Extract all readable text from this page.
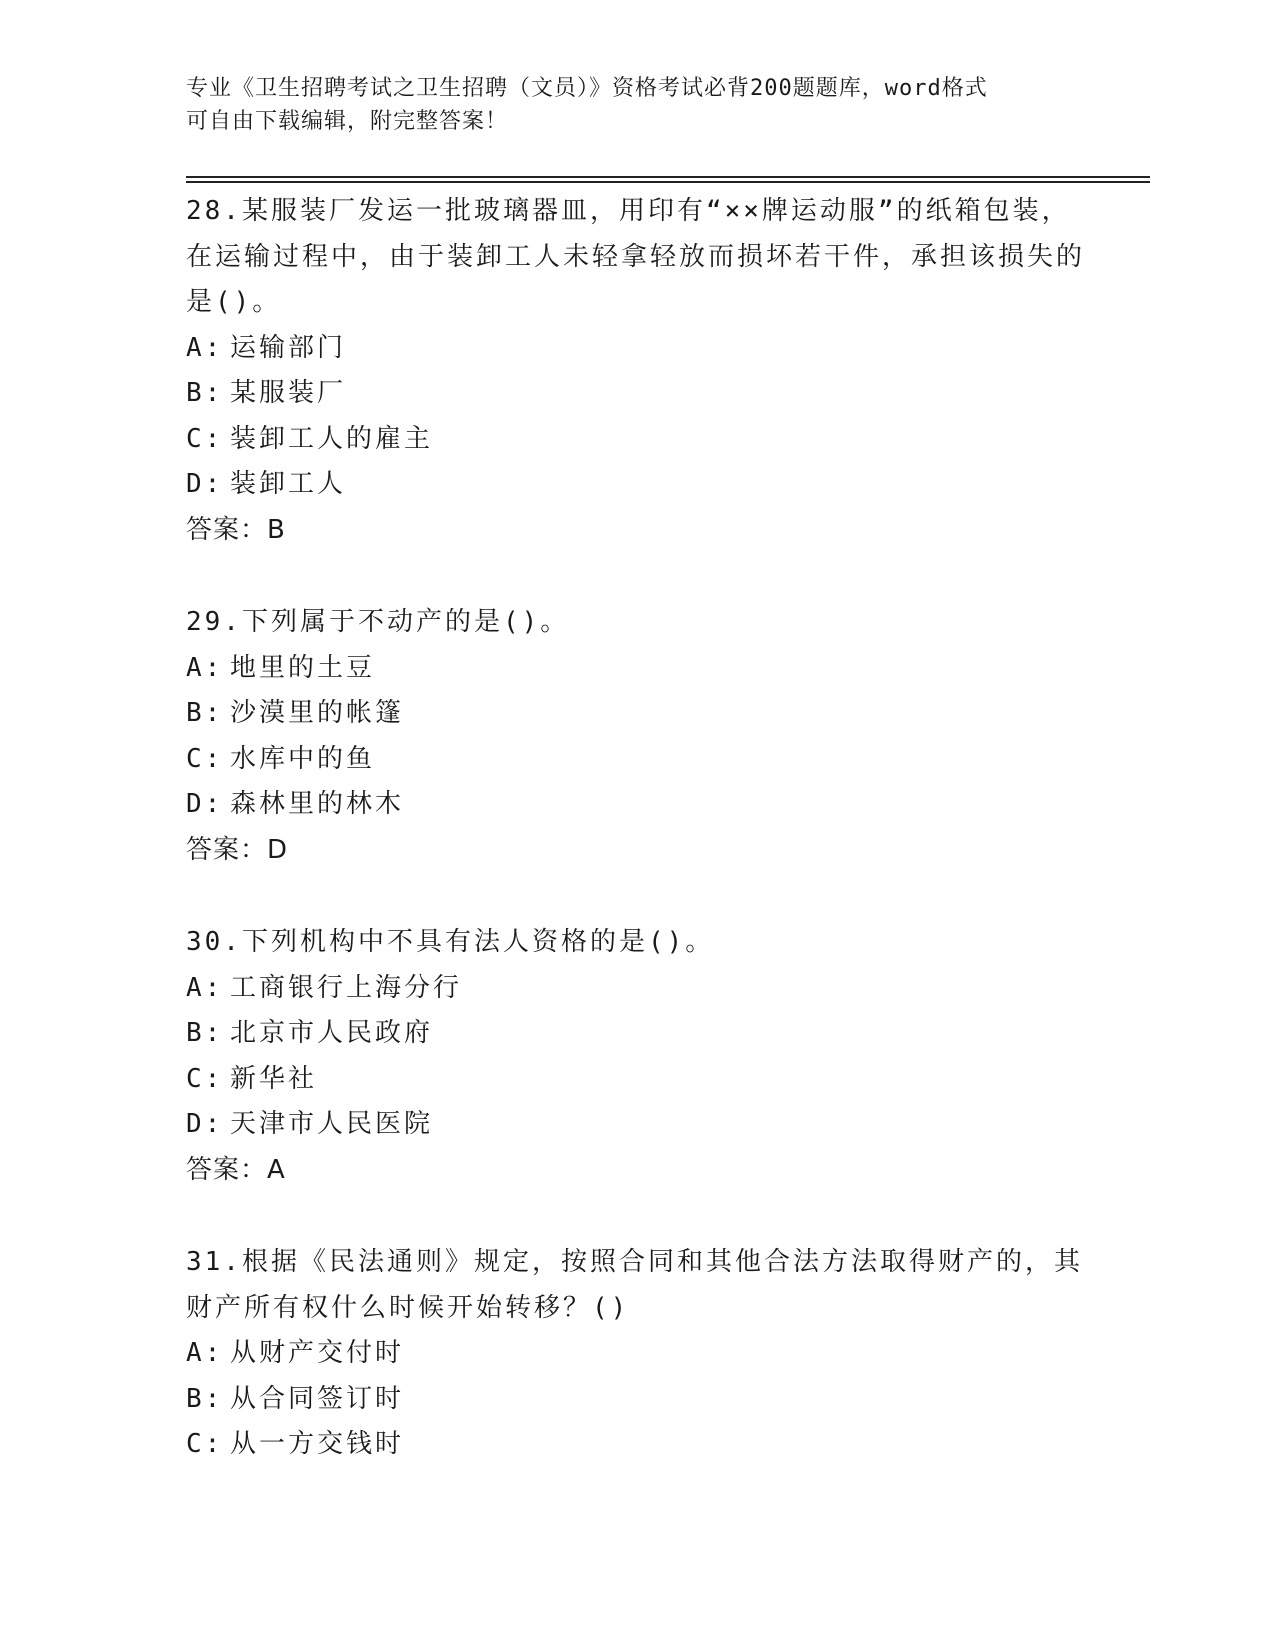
专业《卫生招聘考试之卫生招聘（文员）》资格考试必背200题题库，word格式
可自由下载编辑，附完整答案！
28.某服装厂发运一批玻璃器皿，用印有“××牌运动服”的纸箱包装，在运输过程中，由于装卸工人未轻拿轻放而损坏若干件，承担该损失的是()。
A: 运输部门
B: 某服装厂
C: 装卸工人的雇主
D: 装卸工人
答案：B
29.下列属于不动产的是()。
A: 地里的土豆
B: 沙漠里的帐篷
C: 水库中的鱼
D: 森林里的林木
答案：D
30.下列机构中不具有法人资格的是()。
A: 工商银行上海分行
B: 北京市人民政府
C: 新华社
D: 天津市人民医院
答案：A
31.根据《民法通则》规定，按照合同和其他合法方法取得财产的，其财产所有权什么时候开始转移？()
A: 从财产交付时
B: 从合同签订时
C: 从一方交钱时
